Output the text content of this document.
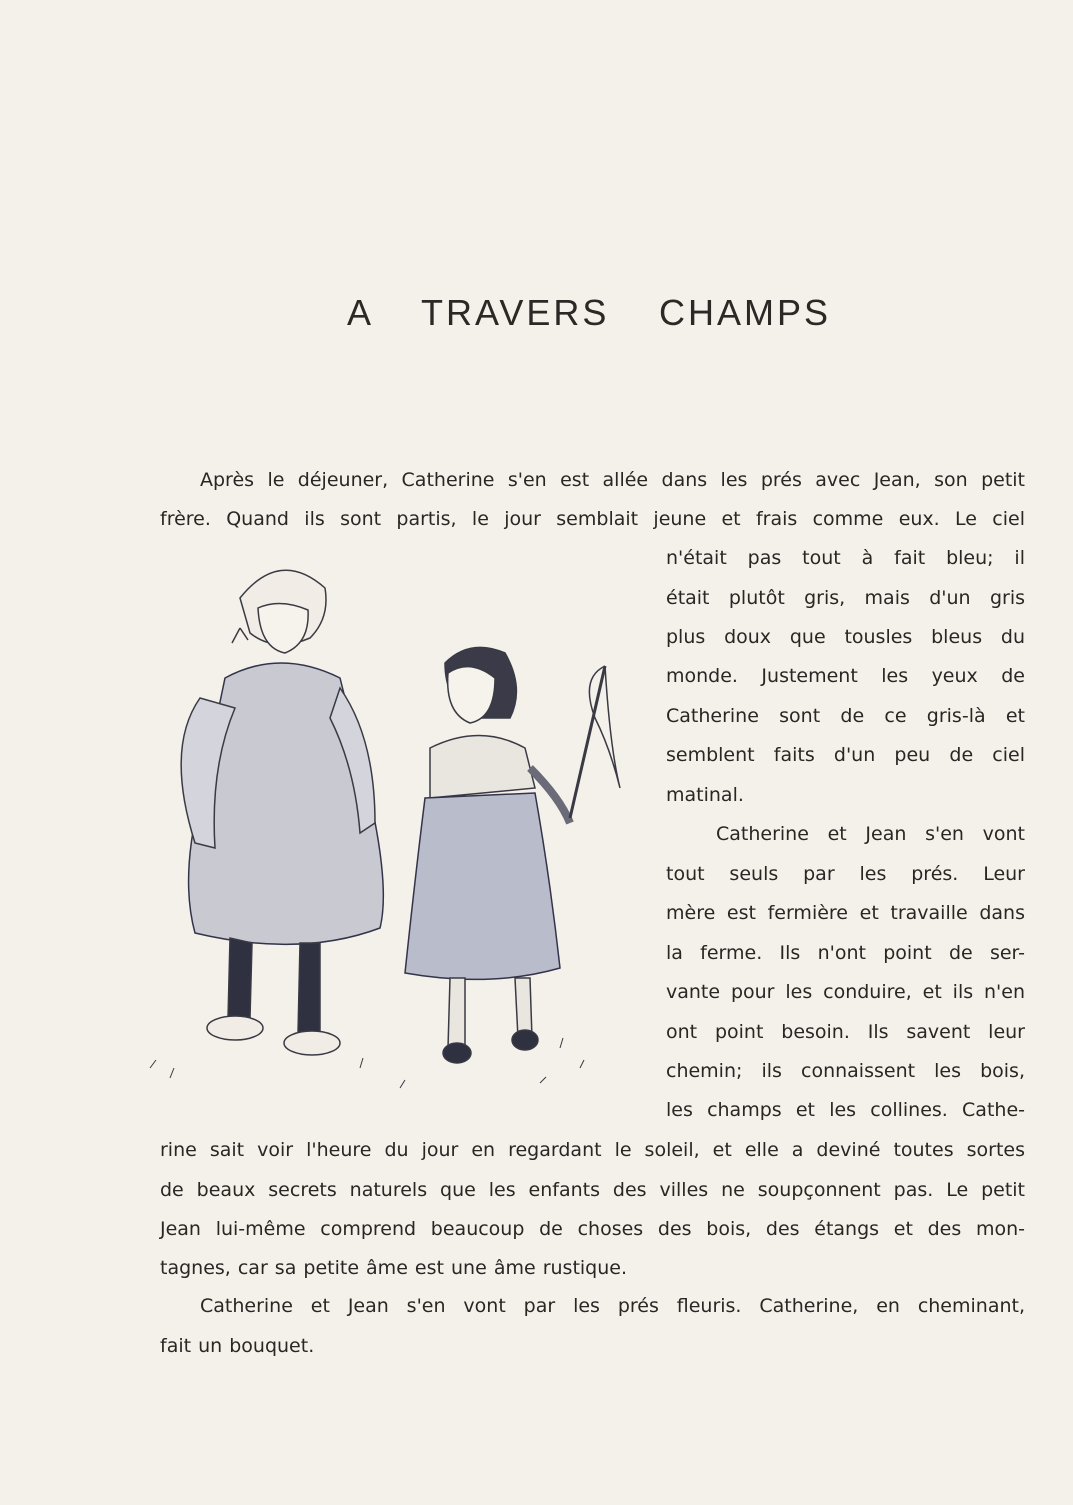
A TRAVERS CHAMPS
Après le déjeuner, Catherine s'en est allée dans les prés avec Jean, son petit
frère. Quand ils sont partis, le jour semblait jeune et frais comme eux. Le ciel
n'était pas tout à fait bleu; il
était plutôt gris, mais d'un gris
plus doux que tousles bleus du
monde. Justement les yeux de
Catherine sont de ce gris-là et
semblent faits d'un peu de ciel
matinal.
Catherine et Jean s'en vont
tout seuls par les prés. Leur
mère est fermière et travaille dans
la ferme. Ils n'ont point de ser-
vante pour les conduire, et ils n'en
ont point besoin. Ils savent leur
chemin; ils connaissent les bois,
les champs et les collines. Cathe-
rine sait voir l'heure du jour en regardant le soleil, et elle a deviné toutes sortes
de beaux secrets naturels que les enfants des villes ne soupçonnent pas. Le petit
Jean lui-même comprend beaucoup de choses des bois, des étangs et des mon-
tagnes, car sa petite âme est une âme rustique.
Catherine et Jean s'en vont par les prés fleuris. Catherine, en cheminant,
fait un bouquet.
